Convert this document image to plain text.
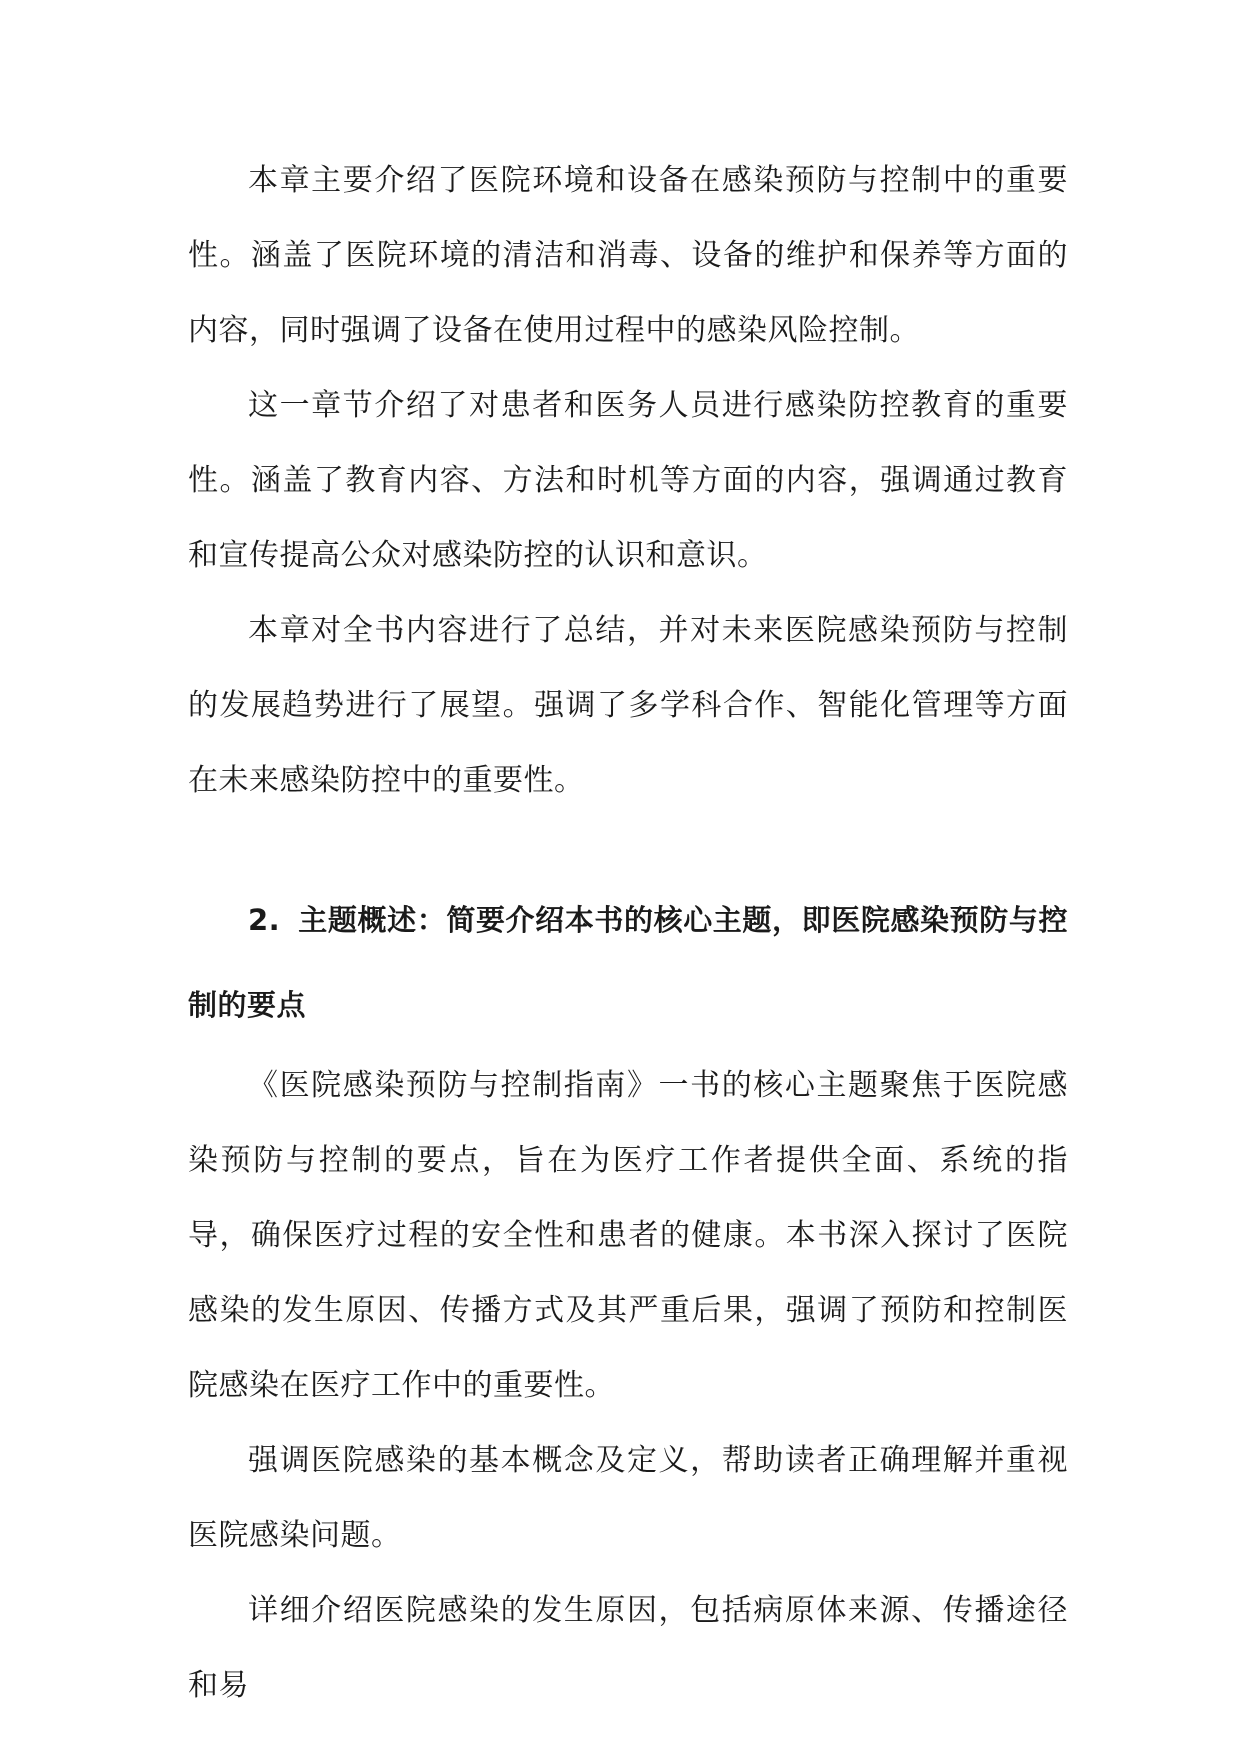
本章主要介绍了医院环境和设备在感染预防与控制中的重要性。涵盖了医院环境的清洁和消毒、设备的维护和保养等方面的内容，同时强调了设备在使用过程中的感染风险控制。

这一章节介绍了对患者和医务人员进行感染防控教育的重要性。涵盖了教育内容、方法和时机等方面的内容，强调通过教育和宣传提高公众对感染防控的认识和意识。

本章对全书内容进行了总结，并对未来医院感染预防与控制的发展趋势进行了展望。强调了多学科合作、智能化管理等方面在未来感染防控中的重要性。

2. 主题概述：简要介绍本书的核心主题，即医院感染预防与控制的要点

《医院感染预防与控制指南》一书的核心主题聚焦于医院感染预防与控制的要点，旨在为医疗工作者提供全面、系统的指导，确保医疗过程的安全性和患者的健康。本书深入探讨了医院感染的发生原因、传播方式及其严重后果，强调了预防和控制医院感染在医疗工作中的重要性。

强调医院感染的基本概念及定义，帮助读者正确理解并重视医院感染问题。

详细介绍医院感染的发生原因，包括病原体来源、传播途径和易
